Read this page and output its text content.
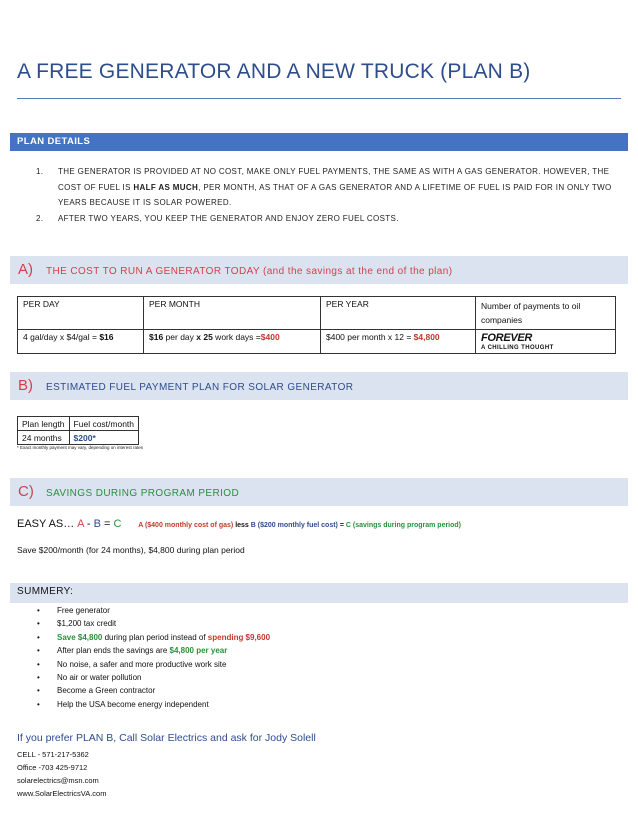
A FREE GENERATOR AND A NEW TRUCK (PLAN B)
PLAN DETAILS
1. THE GENERATOR IS PROVIDED AT NO COST, MAKE ONLY FUEL PAYMENTS, THE SAME AS WITH A GAS GENERATOR. HOWEVER, THE COST OF FUEL IS HALF AS MUCH, PER MONTH, AS THAT OF A GAS GENERATOR AND A LIFETIME OF FUEL IS PAID FOR IN ONLY TWO YEARS BECAUSE IT IS SOLAR POWERED.
2. AFTER TWO YEARS, YOU KEEP THE GENERATOR AND ENJOY ZERO FUEL COSTS.
A) THE COST TO RUN A GENERATOR TODAY (and the savings at the end of the plan)
PER DAY	PER MONTH	PER YEAR	Number of payments to oil companies
4 gal/day x $4/gal = $16	$16 per day x 25 work days =$400	$400 per month x 12 = $4,800	FOREVER
A CHILLING THOUGHT
B) ESTIMATED FUEL PAYMENT PLAN FOR SOLAR GENERATOR
Plan length	Fuel cost/month
24 months	$200*
* Exact monthly payment may vary, depending on interest rates
C) SAVINGS DURING PROGRAM PERIOD
EASY AS… A - B = C A ($400 monthly cost of gas) less B ($200 monthly fuel cost) = C (savings during program period)
Save $200/month (for 24 months), $4,800 during plan period
SUMMERY:
• Free generator
• $1,200 tax credit
• Save $4,800 during plan period instead of spending $9,600
• After plan ends the savings are $4,800 per year
• No noise, a safer and more productive work site
• No air or water pollution
• Become a Green contractor
• Help the USA become energy independent
If you prefer PLAN B, Call Solar Electrics and ask for Jody Solell
CELL - 571-217-5362
Office -703 425-9712
solarelectrics@msn.com
www.SolarElectricsVA.com
